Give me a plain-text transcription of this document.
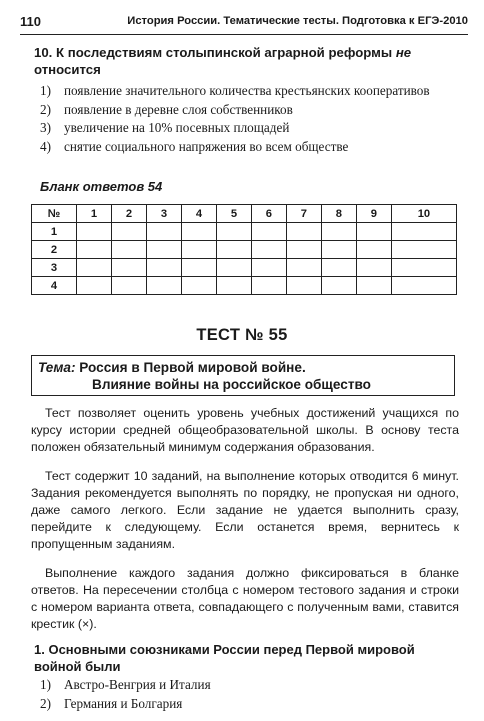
110	История России. Тематические тесты. Подготовка к ЕГЭ-2010
10. К последствиям столыпинской аграрной реформы не относится
1) появление значительного количества крестьянских кооперативов
2) появление в деревне слоя собственников
3) увеличение на 10% посевных площадей
4) снятие социального напряжения во всем обществе
Бланк ответов 54
№	1	2	3	4	5	6	7	8	9	10
1										
2										
3										
4										
ТЕСТ № 55
Тема: Россия в Первой мировой войне.
Влияние войны на российское общество
Тест позволяет оценить уровень учебных достижений учащихся по курсу истории средней общеобразовательной школы. В основу теста положен обязательный минимум содержания образования.
Тест содержит 10 заданий, на выполнение которых отводится 6 минут. Задания рекомендуется выполнять по порядку, не пропуская ни одного, даже самого легкого. Если задание не удается выполнить сразу, перейдите к следующему. Если останется время, вернитесь к пропущенным заданиям.
Выполнение каждого задания должно фиксироваться в бланке ответов. На пересечении столбца с номером тестового задания и строки с номером варианта ответа, совпадающего с полученным вами, ставится крестик (×).
1. Основными союзниками России перед Первой мировой войной были
1) Австро-Венгрия и Италия
2) Германия и Болгария
